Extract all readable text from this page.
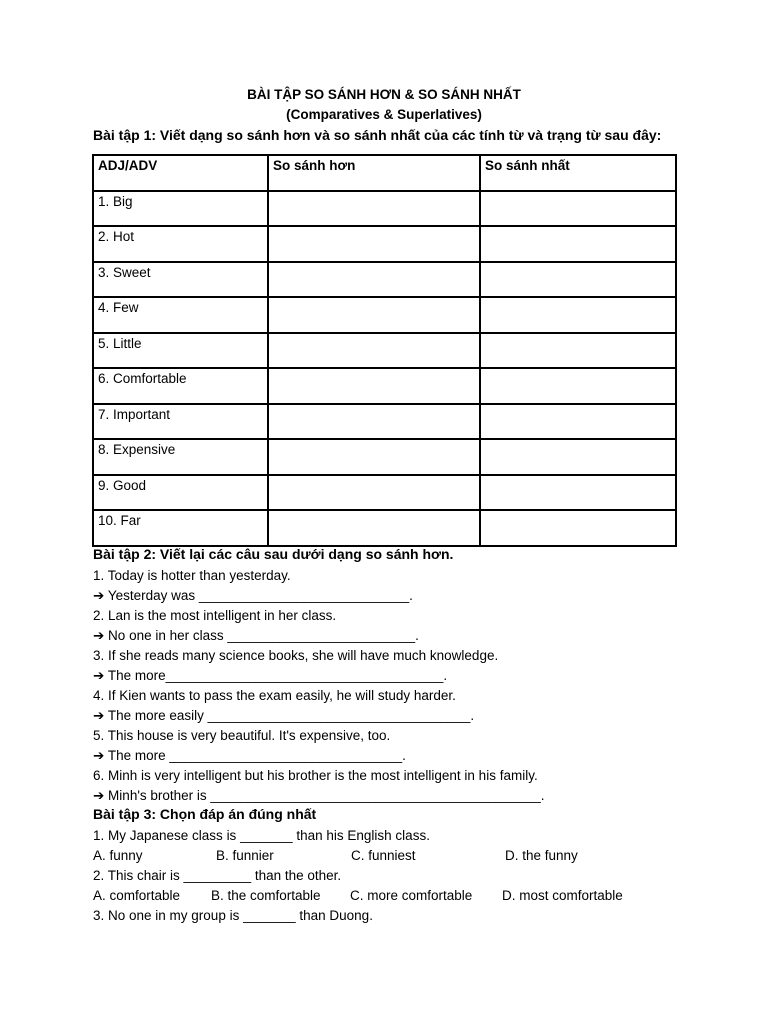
BÀI TẬP SO SÁNH HƠN & SO SÁNH NHẤT
(Comparatives & Superlatives)
Bài tập 1: Viết dạng so sánh hơn và so sánh nhất của các tính từ và trạng từ sau đây:
ADJ/ADV	So sánh hơn	So sánh nhất
1. Big		
2. Hot		
3. Sweet		
4. Few		
5. Little		
6. Comfortable		
7. Important		
8. Expensive		
9. Good		
10. Far		
Bài tập 2: Viết lại các câu sau dưới dạng so sánh hơn.
1. Today is hotter than yesterday.
➔ Yesterday was ____________________________.
2. Lan is the most intelligent in her class.
➔ No one in her class _________________________.
3. If she reads many science books, she will have much knowledge.
➔ The more_____________________________________.
4. If Kien wants to pass the exam easily, he will study harder.
➔ The more easily ___________________________________.
5. This house is very beautiful. It's expensive, too.
➔ The more _______________________________.
6. Minh is very intelligent but his brother is the most intelligent in his family.
➔ Minh's brother is ____________________________________________.
Bài tập 3: Chọn đáp án đúng nhất
1. My Japanese class is _______ than his English class.
A. funny	B. funnier	C. funniest	D. the funny
2. This chair is _________ than the other.
A. comfortable B. the comfortable C. more comfortable D. most comfortable
3. No one in my group is _______ than Duong.
